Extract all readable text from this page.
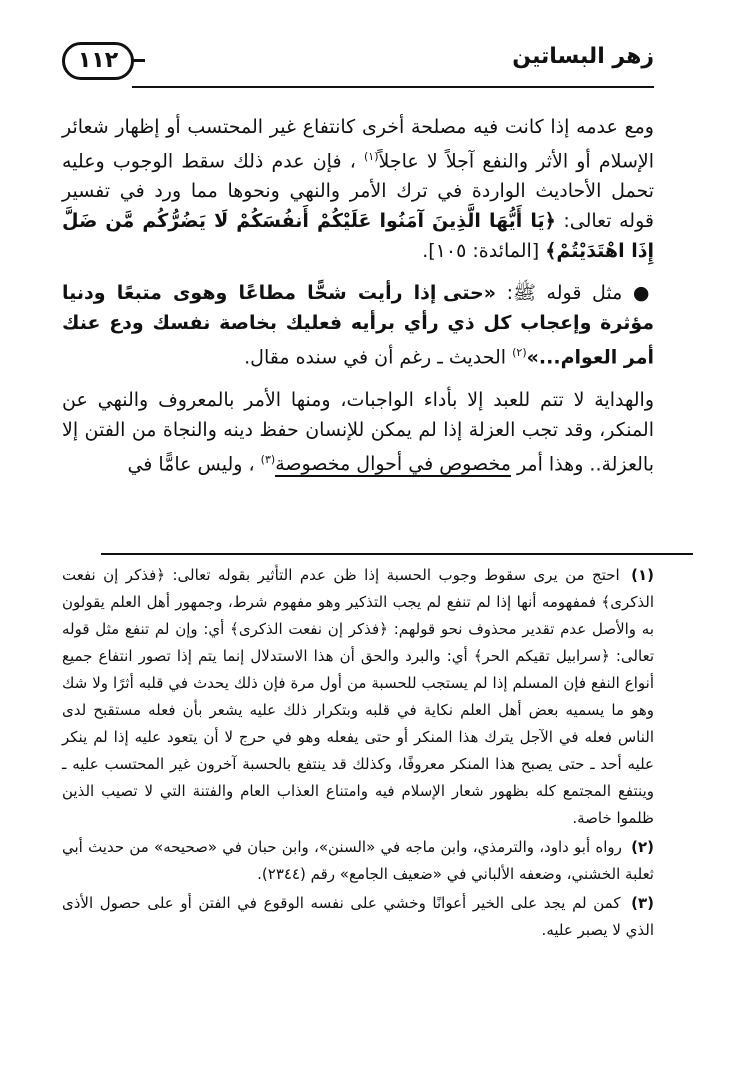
١١٢	زهر البساتين

ومع عدمه إذا كانت فيه مصلحة أخرى كانتفاع غير المحتسب أو إظهار شعائر الإسلام أو الأثر والنفع آجلاً لا عاجلاً$^{(١)}$ ، فإن عدم ذلك سقط الوجوب وعليه تحمل الأحاديث الواردة في ترك الأمر والنهي ونحوها مما ورد في تفسير قوله تعالى: ﴿يَا أَيُّهَا الَّذِينَ آمَنُوا عَلَيْكُمْ أَنفُسَكُمْ لَا يَضُرُّكُم مَّن ضَلَّ إِذَا اهْتَدَيْتُمْ﴾ [المائدة: ١٠٥].

● مثل قوله ﷺ: «حتى إذا رأيت شحًّا مطاعًا وهوى متبعًا ودنيا مؤثرة وإعجاب كل ذي رأي برأيه فعليك بخاصة نفسك ودع عنك أمر العوام...»$^{(٢)}$ الحديث ـ رغم أن في سنده مقال.

والهداية لا تتم للعبد إلا بأداء الواجبات، ومنها الأمر بالمعروف والنهي عن المنكر، وقد تجب العزلة إذا لم يمكن للإنسان حفظ دينه والنجاة من الفتن إلا بالعزلة.. وهذا أمر مخصوص في أحوال مخصوصة$^{(٣)}$ ، وليس عامًّا في

(١) احتج من يرى سقوط وجوب الحسبة إذا ظن عدم التأثير بقوله تعالى: ﴿فذكر إن نفعت الذكرى﴾ فمفهومه أنها إذا لم تنفع لم يجب التذكير وهو مفهوم شرط، وجمهور أهل العلم يقولون به والأصل عدم تقدير محذوف نحو قولهم: ﴿فذكر إن نفعت الذكرى﴾ أي: وإن لم تنفع مثل قوله تعالى: ﴿سرابيل تقيكم الحر﴾ أي: والبرد والحق أن هذا الاستدلال إنما يتم إذا تصور انتفاع جميع أنواع النفع فإن المسلم إذا لم يستجب للحسبة من أول مرة فإن ذلك يحدث في قلبه أثرًا ولا شك وهو ما يسميه بعض أهل العلم نكاية في قلبه وبتكرار ذلك عليه يشعر بأن فعله مستقبح لدى الناس فعله في الآجل يترك هذا المنكر أو حتى يفعله وهو في حرج لا أن يتعود عليه إذا لم ينكر عليه أحد ـ حتى يصبح هذا المنكر معروفًا، وكذلك قد ينتفع بالحسبة آخرون غير المحتسب عليه ـ وينتفع المجتمع كله بظهور شعار الإسلام فيه وامتناع العذاب العام والفتنة التي لا تصيب الذين ظلموا خاصة.

(٢) رواه أبو داود، والترمذي، وابن ماجه في «السنن»، وابن حبان في «صحيحه» من حديث أبي ثعلبة الخشني، وضعفه الألباني في «ضعيف الجامع» رقم (٢٣٤٤).

(٣) كمن لم يجد على الخير أعوانًا وخشي على نفسه الوقوع في الفتن أو على حصول الأذى الذي لا يصبر عليه.
